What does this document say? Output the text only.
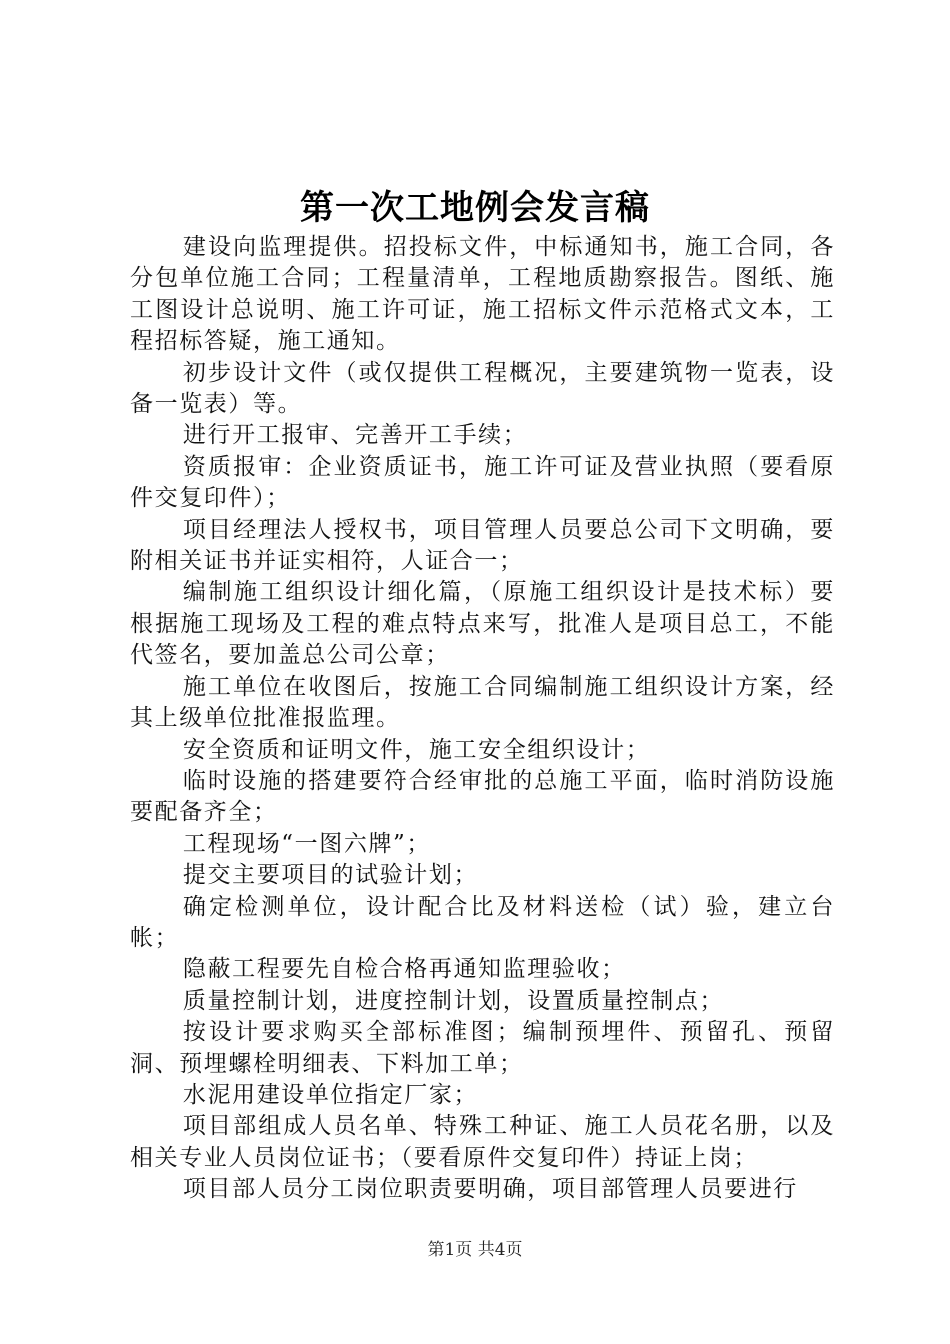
第一次工地例会发言稿

建设向监理提供。招投标文件，中标通知书，施工合同，各分包单位施工合同；工程量清单，工程地质勘察报告。图纸、施工图设计总说明、施工许可证，施工招标文件示范格式文本，工程招标答疑，施工通知。

初步设计文件（或仅提供工程概况，主要建筑物一览表，设备一览表）等。

进行开工报审、完善开工手续；

资质报审：企业资质证书，施工许可证及营业执照（要看原件交复印件）；

项目经理法人授权书，项目管理人员要总公司下文明确，要附相关证书并证实相符，人证合一；

编制施工组织设计细化篇，（原施工组织设计是技术标）要根据施工现场及工程的难点特点来写，批准人是项目总工，不能代签名，要加盖总公司公章；

施工单位在收图后，按施工合同编制施工组织设计方案，经其上级单位批准报监理。

安全资质和证明文件，施工安全组织设计；

临时设施的搭建要符合经审批的总施工平面，临时消防设施要配备齐全；

工程现场“一图六牌”；

提交主要项目的试验计划；

确定检测单位，设计配合比及材料送检（试）验，建立台帐；

隐蔽工程要先自检合格再通知监理验收；

质量控制计划，进度控制计划，设置质量控制点；

按设计要求购买全部标准图；编制预埋件、预留孔、预留洞、预埋螺栓明细表、下料加工单；

水泥用建设单位指定厂家；

项目部组成人员名单、特殊工种证、施工人员花名册，以及相关专业人员岗位证书；（要看原件交复印件）持证上岗；

项目部人员分工岗位职责要明确，项目部管理人员要进行

第1页 共4页
